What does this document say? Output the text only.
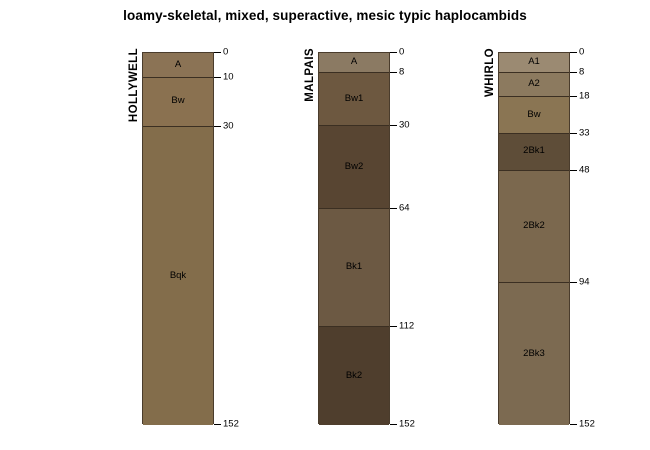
loamy-skeletal, mixed, superactive, mesic typic haplocambids
HOLLYWELL	A
Bw
Bqk
0
10
30
152
MALPAIS	A
Bw1
Bw2
Bk1
Bk2
0
8
30
64
112
152
WHIRLO	A1
A2
Bw
2Bk1
2Bk2
2Bk3
0
8
18
33
48
94
152
